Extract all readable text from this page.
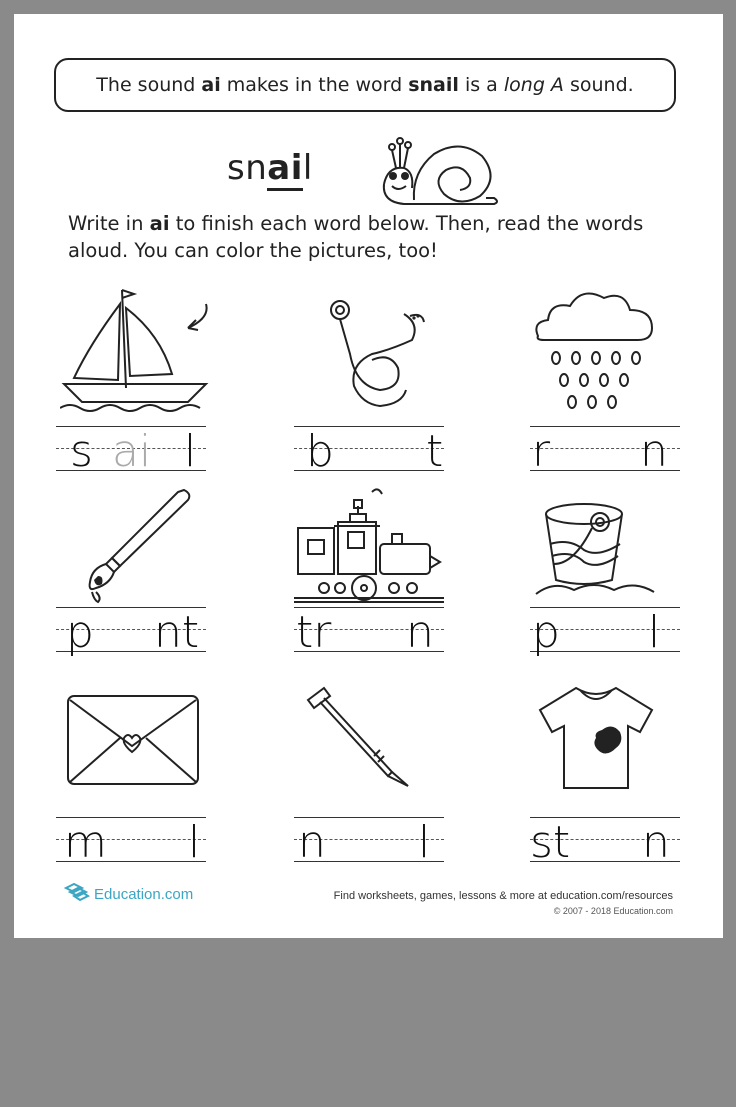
The sound
ai
makes in the word
snail
is a
long A
sound.
snail
Write in ai to finish each word below. Then, read the words aloud. You can color the pictures, too!
s ai l b t r n
p nt tr n p l
m l n l st n
Education.com	Find worksheets, games, lessons & more at education.com/resources
© 2007 - 2018 Education.com
